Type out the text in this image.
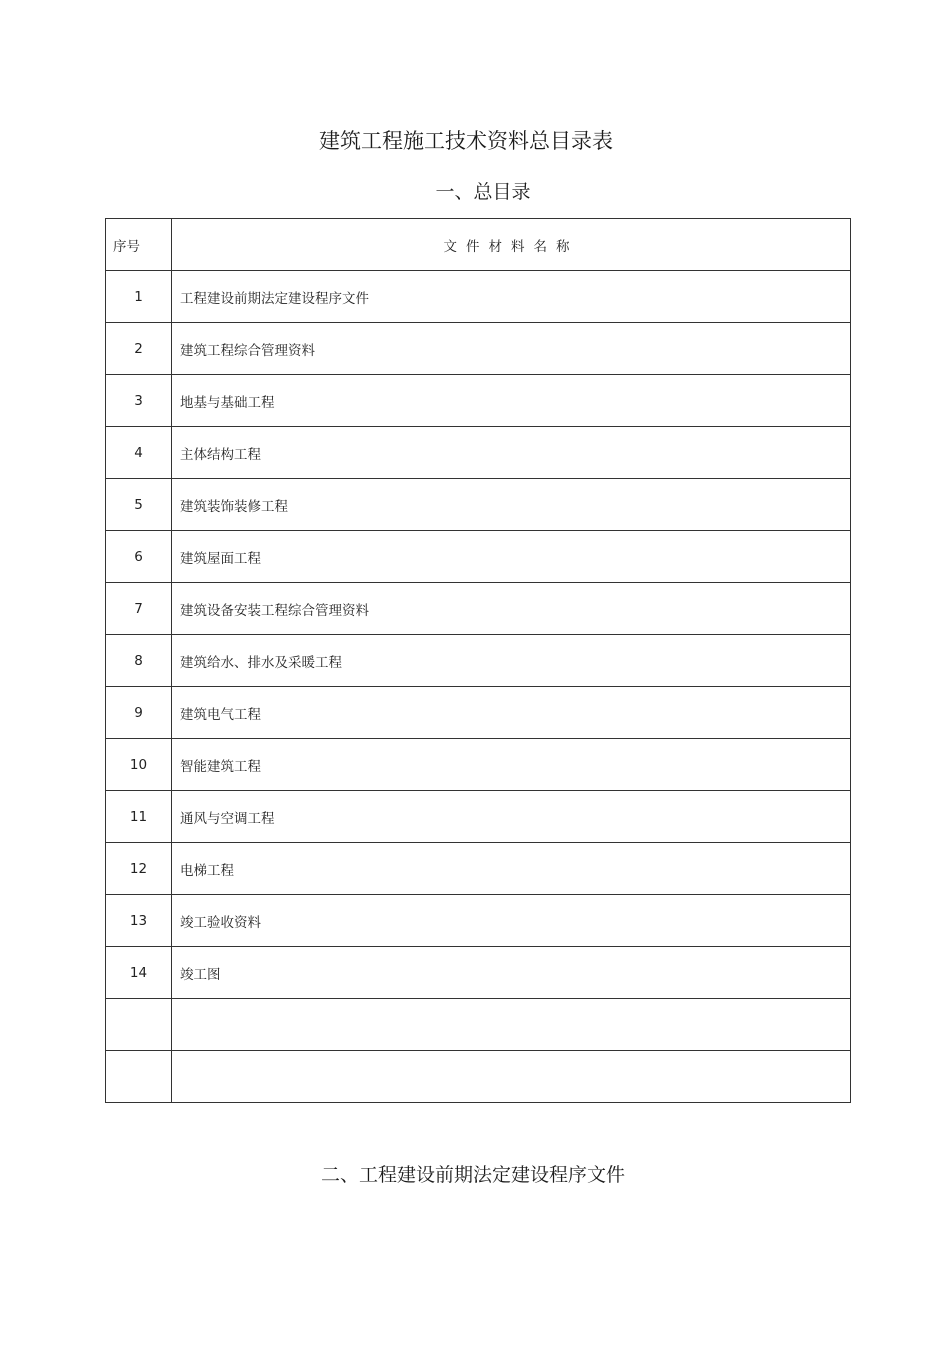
建筑工程施工技术资料总目录表
一、总目录
序号	文件材料名称
1	工程建设前期法定建设程序文件
2	建筑工程综合管理资料
3	地基与基础工程
4	主体结构工程
5	建筑装饰装修工程
6	建筑屋面工程
7	建筑设备安装工程综合管理资料
8	建筑给水、排水及采暖工程
9	建筑电气工程
10	智能建筑工程
11	通风与空调工程
12	电梯工程
13	竣工验收资料
14	竣工图

二、工程建设前期法定建设程序文件
